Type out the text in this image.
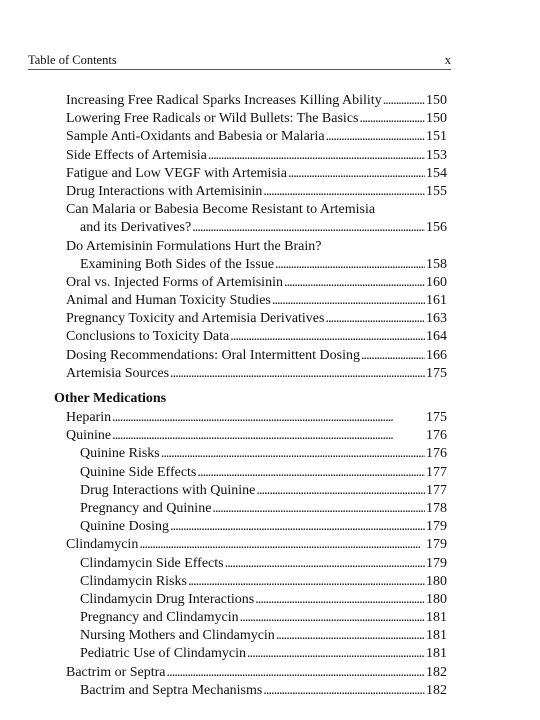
Table of Contents	x
Increasing Free Radical Sparks Increases Killing Ability . . .	150
Lowering Free Radicals or Wild Bullets: The Basics . . .	150
Sample Anti-Oxidants and Babesia or Malaria . . .	151
Side Effects of Artemisia . . .	153
Fatigue and Low VEGF with Artemisia . . .	154
Drug Interactions with Artemisinin . . .	155
Can Malaria or Babesia Become Resistant to Artemisia
and its Derivatives? . . .	156
Do Artemisinin Formulations Hurt the Brain?
Examining Both Sides of the Issue . . .	158
Oral vs. Injected Forms of Artemisinin . . .	160
Animal and Human Toxicity Studies . . .	161
Pregnancy Toxicity and Artemisia Derivatives . . .	163
Conclusions to Toxicity Data . . .	164
Dosing Recommendations: Oral Intermittent Dosing . . .	166
Artemisia Sources . . .	175
Other Medications
Heparin . . .	175
Quinine . . .	176
Quinine Risks . . .	176
Quinine Side Effects . . .	177
Drug Interactions with Quinine . . .	177
Pregnancy and Quinine . . .	178
Quinine Dosing . . .	179
Clindamycin . . .	179
Clindamycin Side Effects . . .	179
Clindamycin Risks . . .	180
Clindamycin Drug Interactions . . .	180
Pregnancy and Clindamycin . . .	181
Nursing Mothers and Clindamycin . . .	181
Pediatric Use of Clindamycin . . .	181
Bactrim or Septra . . .	182
Bactrim and Septra Mechanisms . . .	182
